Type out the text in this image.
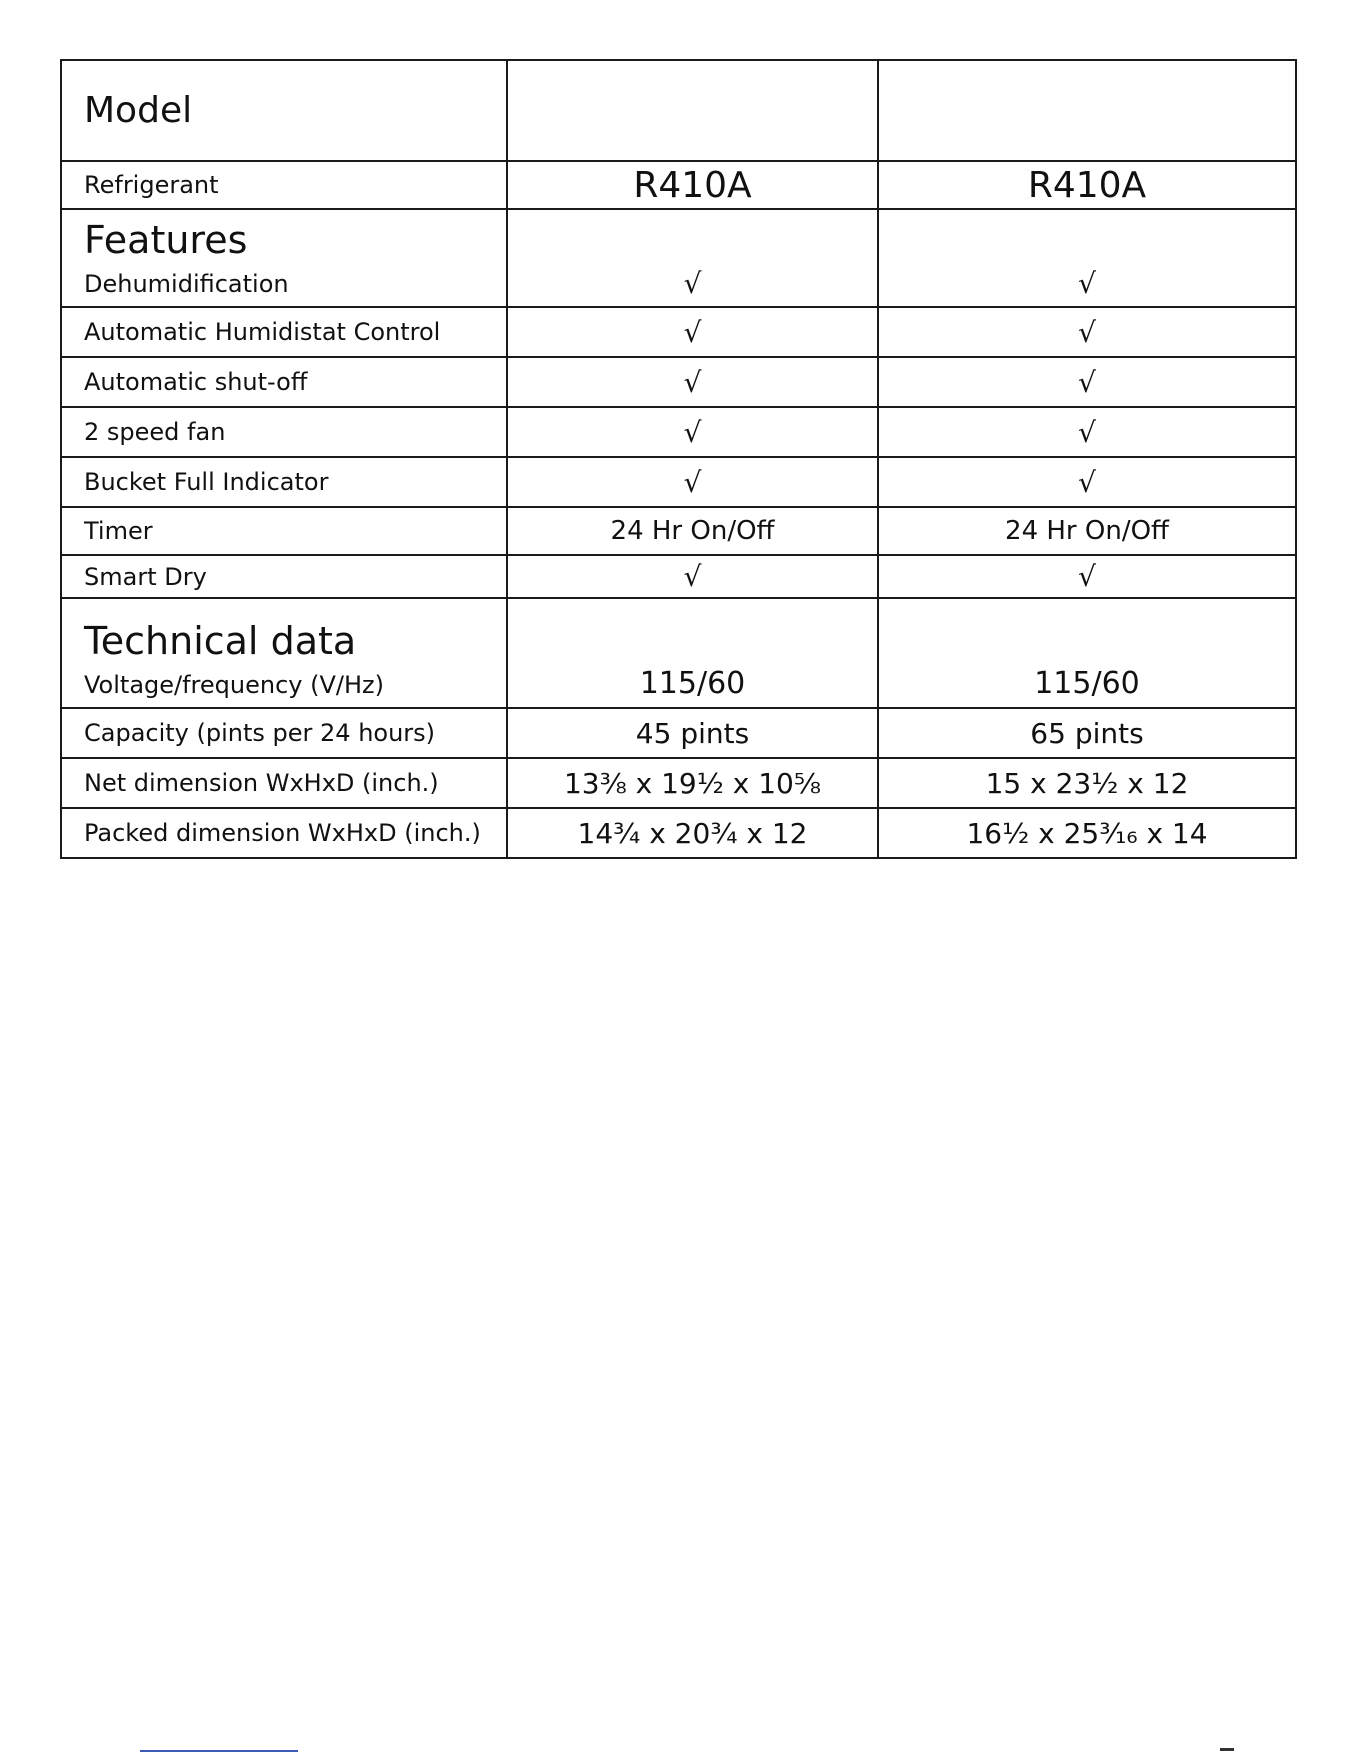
Model		
Refrigerant	R410A	R410A

Features
Dehumidification	√	√
Automatic Humidistat Control	√	√
Automatic shut-off	√	√
2 speed fan	√	√
Bucket Full Indicator	√	√
Timer	24 Hr On/Off	24 Hr On/Off
Smart Dry	√	√

Technical data
Voltage/frequency (V/Hz)	115/60	115/60
Capacity (pints per 24 hours)	45 pints	65 pints
Net dimension WxHxD (inch.)	13⅜ x 19½ x 10⅝	15 x 23½ x 12
Packed dimension WxHxD (inch.)	14¾ x 20¾ x 12	16½ x 25³⁄₁₆ x 14
